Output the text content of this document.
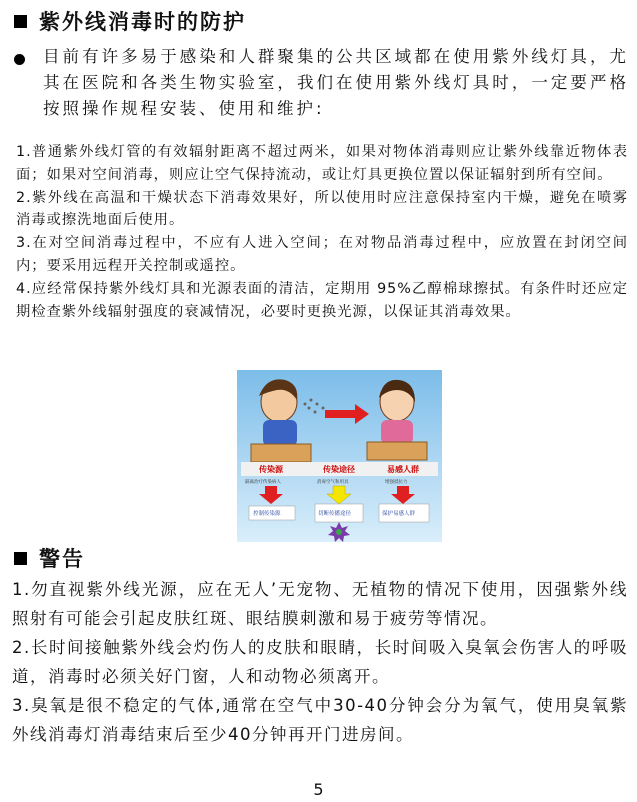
紫外线消毒时的防护
目前有许多易于感染和人群聚集的公共区域都在使用紫外线灯具，尤其在医院和各类生物实验室，我们在使用紫外线灯具时，一定要严格按照操作规程安装、使用和维护:

1.普通紫外线灯管的有效辐射距离不超过两米，如果对物体消毒则应让紫外线靠近物体表面；如果对空间消毒，则应让空气保持流动，或让灯具更换位置以保证辐射到所有空间。

2.紫外线在高温和干燥状态下消毒效果好，所以使用时应注意保持室内干燥，避免在喷雾消毒或擦洗地面后使用。

3.在对空间消毒过程中，不应有人进入空间；在对物品消毒过程中，应放置在封闭空间内；要采用远程开关控制或遥控。

4.应经常保持紫外线灯具和光源表面的清洁，定期用 95%乙醇棉球擦拭。有条件时还应定期检查紫外线辐射强度的衰减情况，必要时更换光源，以保证其消毒效果。

传染源	传染途径	易感人群
隔离治疗传染病人	消毒空气和用具	增强抵抗力
控制传染源	切断传播途径	保护易感人群
警告

1.勿直视紫外线光源，应在无人’无宠物、无植物的情况下使用，因强紫外线照射有可能会引起皮肤红斑、眼结膜刺激和易于疲劳等情况。

2.长时间接触紫外线会灼伤人的皮肤和眼睛，长时间吸入臭氧会伤害人的呼吸道，消毒时必须关好门窗，人和动物必须离开。

3.臭氧是很不稳定的气体,通常在空气中30-40分钟会分为氧气，使用臭氧紫外线消毒灯消毒结束后至少40分钟再开门进房间。

5
